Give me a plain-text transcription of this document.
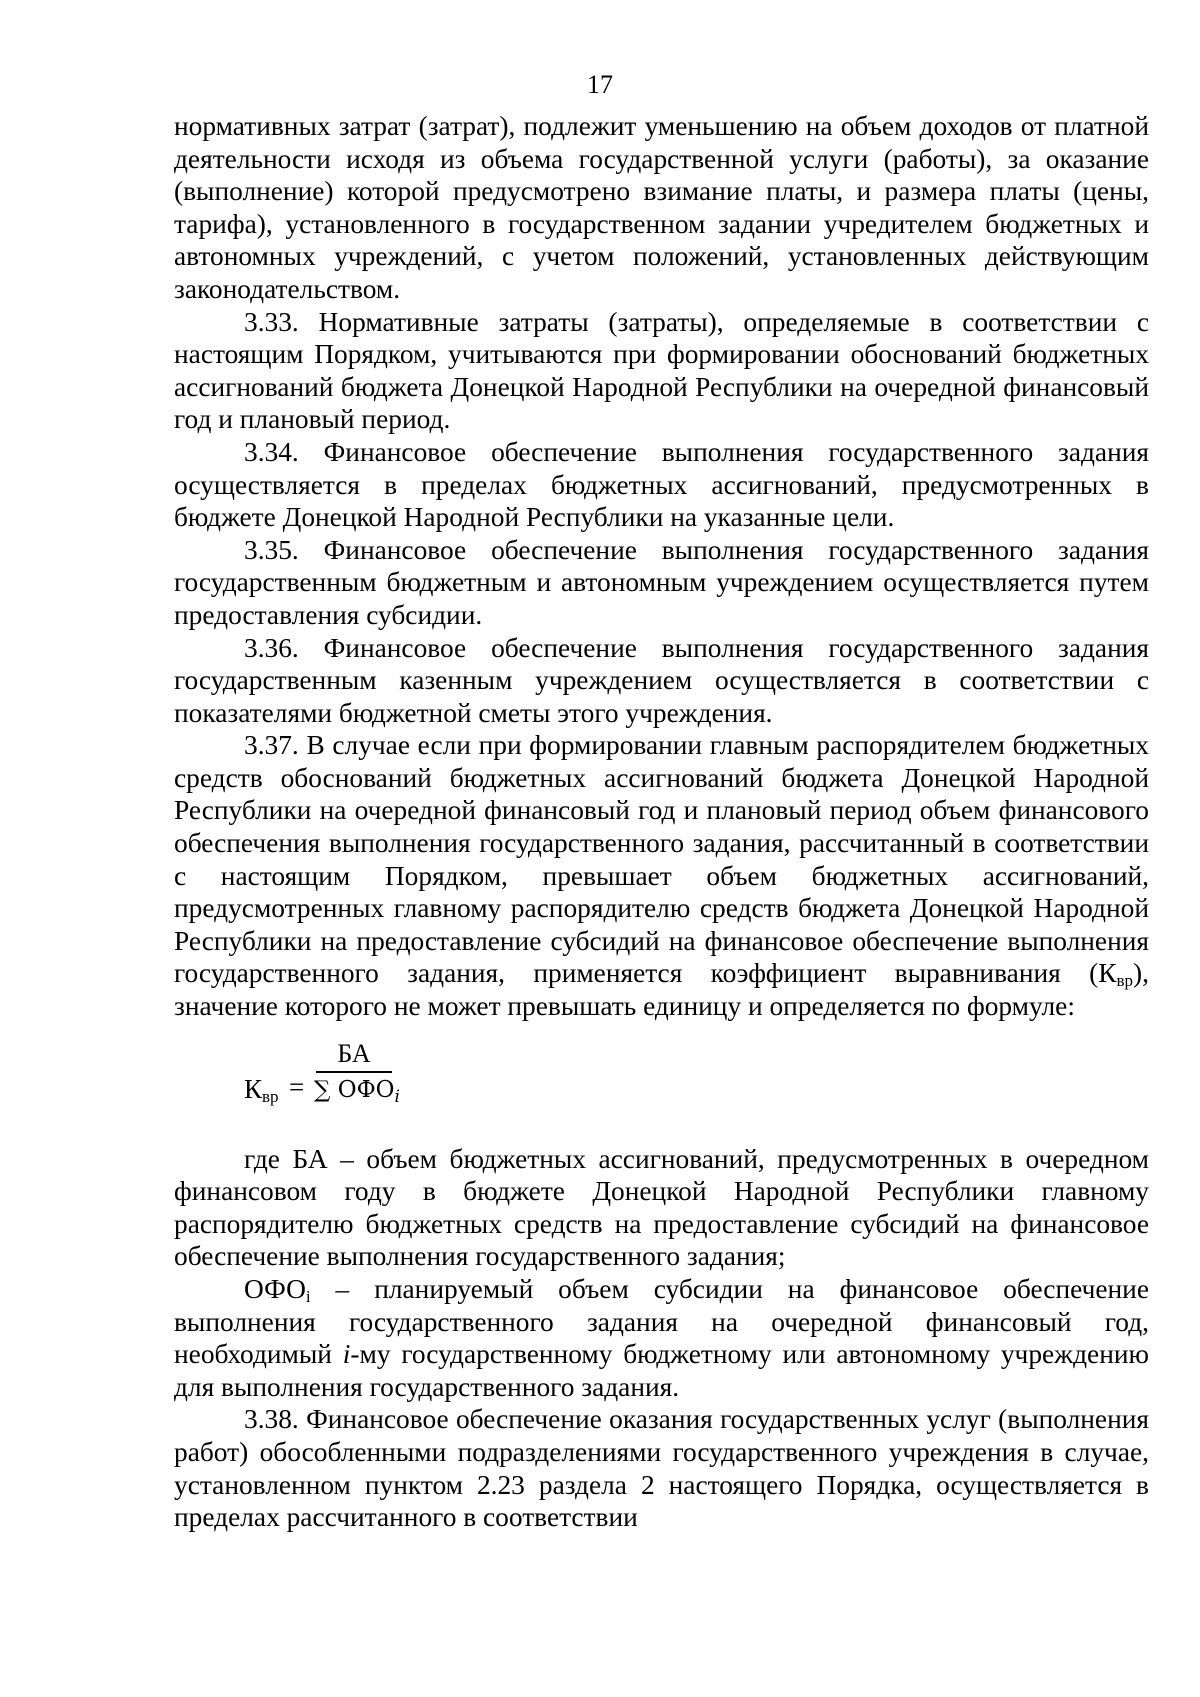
17

нормативных затрат (затрат), подлежит уменьшению на объем доходов от платной деятельности исходя из объема государственной услуги (работы), за оказание (выполнение) которой предусмотрено взимание платы, и размера платы (цены, тарифа), установленного в государственном задании учредителем бюджетных и автономных учреждений, с учетом положений, установленных действующим законодательством.

3.33. Нормативные затраты (затраты), определяемые в соответствии с настоящим Порядком, учитываются при формировании обоснований бюджетных ассигнований бюджета Донецкой Народной Республики на очередной финансовый год и плановый период.

3.34. Финансовое обеспечение выполнения государственного задания осуществляется в пределах бюджетных ассигнований, предусмотренных в бюджете Донецкой Народной Республики на указанные цели.

3.35. Финансовое обеспечение выполнения государственного задания государственным бюджетным и автономным учреждением осуществляется путем предоставления субсидии.

3.36. Финансовое обеспечение выполнения государственного задания государственным казенным учреждением осуществляется в соответствии с показателями бюджетной сметы этого учреждения.

3.37. В случае если при формировании главным распорядителем бюджетных средств обоснований бюджетных ассигнований бюджета Донецкой Народной Республики на очередной финансовый год и плановый период объем финансового обеспечения выполнения государственного задания, рассчитанный в соответствии с настоящим Порядком, превышает объем бюджетных ассигнований, предусмотренных главному распорядителю средств бюджета Донецкой Народной Республики на предоставление субсидий на финансовое обеспечение выполнения государственного задания, применяется коэффициент выравнивания (Квр), значение которого не может превышать единицу и определяется по формуле:

$К_{вр}$ =
БА
∑ $ОФО_i$

где БА – объем бюджетных ассигнований, предусмотренных в очередном финансовом году в бюджете Донецкой Народной Республики главному распорядителю бюджетных средств на предоставление субсидий на финансовое обеспечение выполнения государственного задания;

ОФОi – планируемый объем субсидии на финансовое обеспечение выполнения государственного задания на очередной финансовый год, необходимый i-му государственному бюджетному или автономному учреждению для выполнения государственного задания.

3.38. Финансовое обеспечение оказания государственных услуг (выполнения работ) обособленными подразделениями государственного учреждения в случае, установленном пунктом 2.23 раздела 2 настоящего Порядка, осуществляется в пределах рассчитанного в соответствии
